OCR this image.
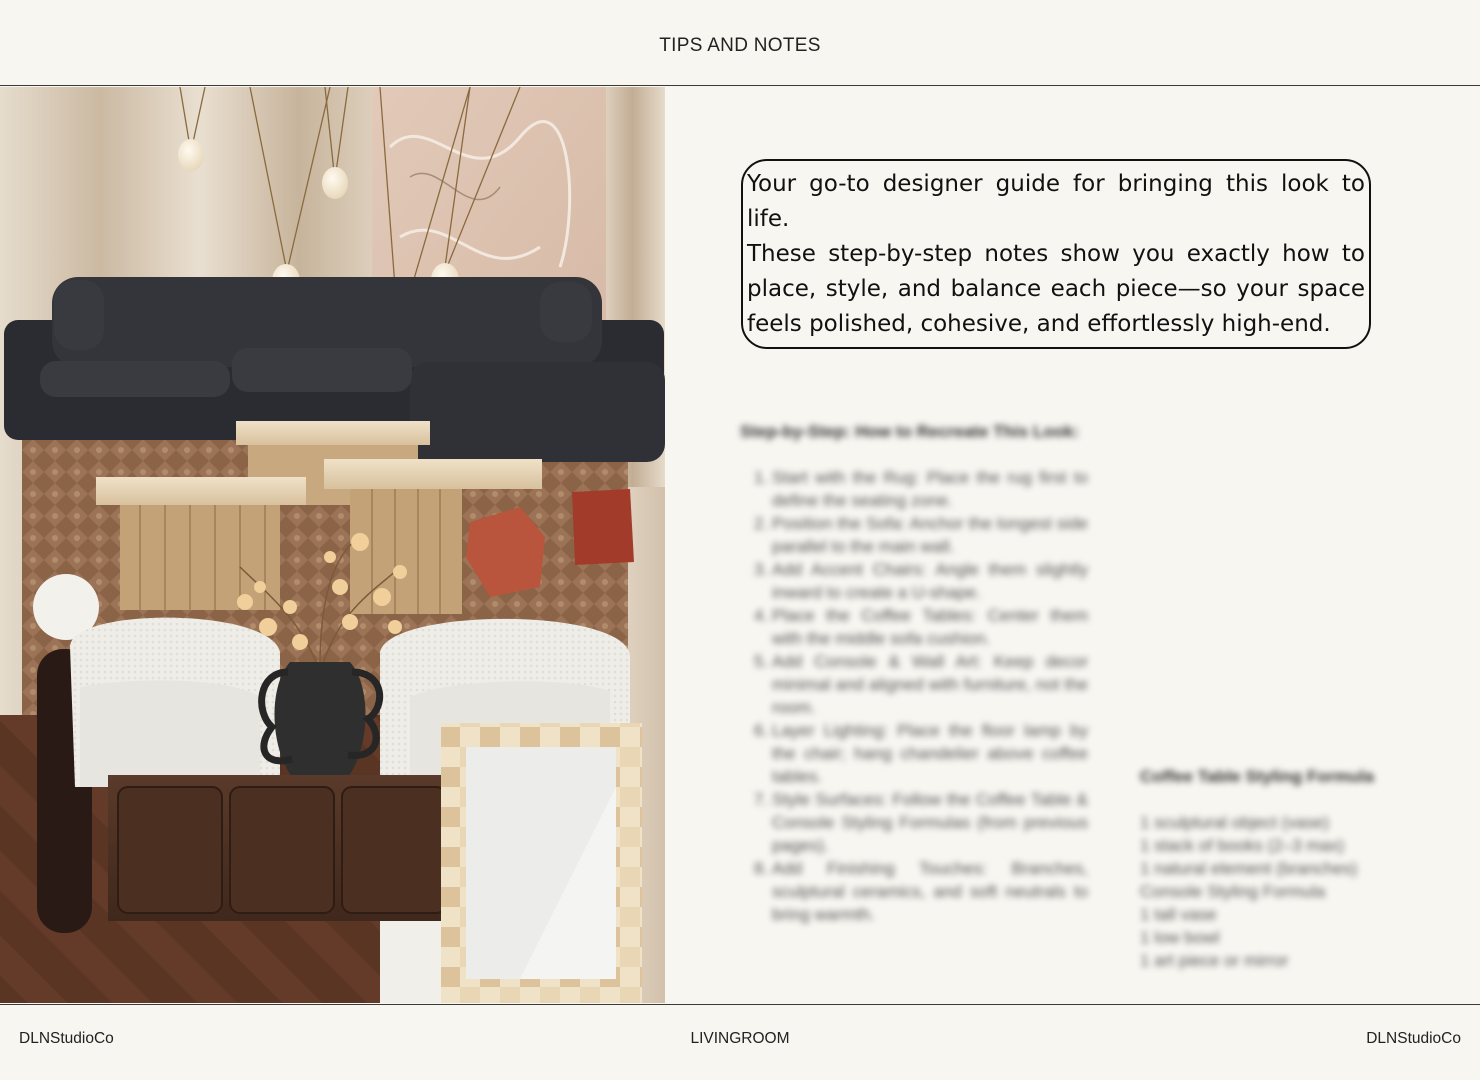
TIPS AND NOTES

Your go-to designer guide for bringing this look to life.

These step-by-step notes show you exactly how to place, style, and balance each piece—so your space feels polished, cohesive, and effortlessly high-end.

Step-by-Step: How to Recreate This Look:
1. Start with the Rug: Place the rug first to define the seating zone.
2. Position the Sofa: Anchor the longest side parallel to the main wall.
3. Add Accent Chairs: Angle them slightly inward to create a U-shape.
4. Place the Coffee Tables: Center them with the middle sofa cushion.
5. Add Console & Wall Art: Keep decor minimal and aligned with furniture, not the room.
6. Layer Lighting: Place the floor lamp by the chair; hang chandelier above coffee tables.
7. Style Surfaces: Follow the Coffee Table & Console Styling Formulas (from previous pages).
8. Add Finishing Touches: Branches, sculptural ceramics, and soft neutrals to bring warmth.
Coffee Table Styling Formula
1 sculptural object (vase)
1 stack of books (2–3 max)
1 natural element (branches)
Console Styling Formula
1 tall vase
1 low bowl
1 art piece or mirror
DLNStudioCo	LIVINGROOM	DLNStudioCo
